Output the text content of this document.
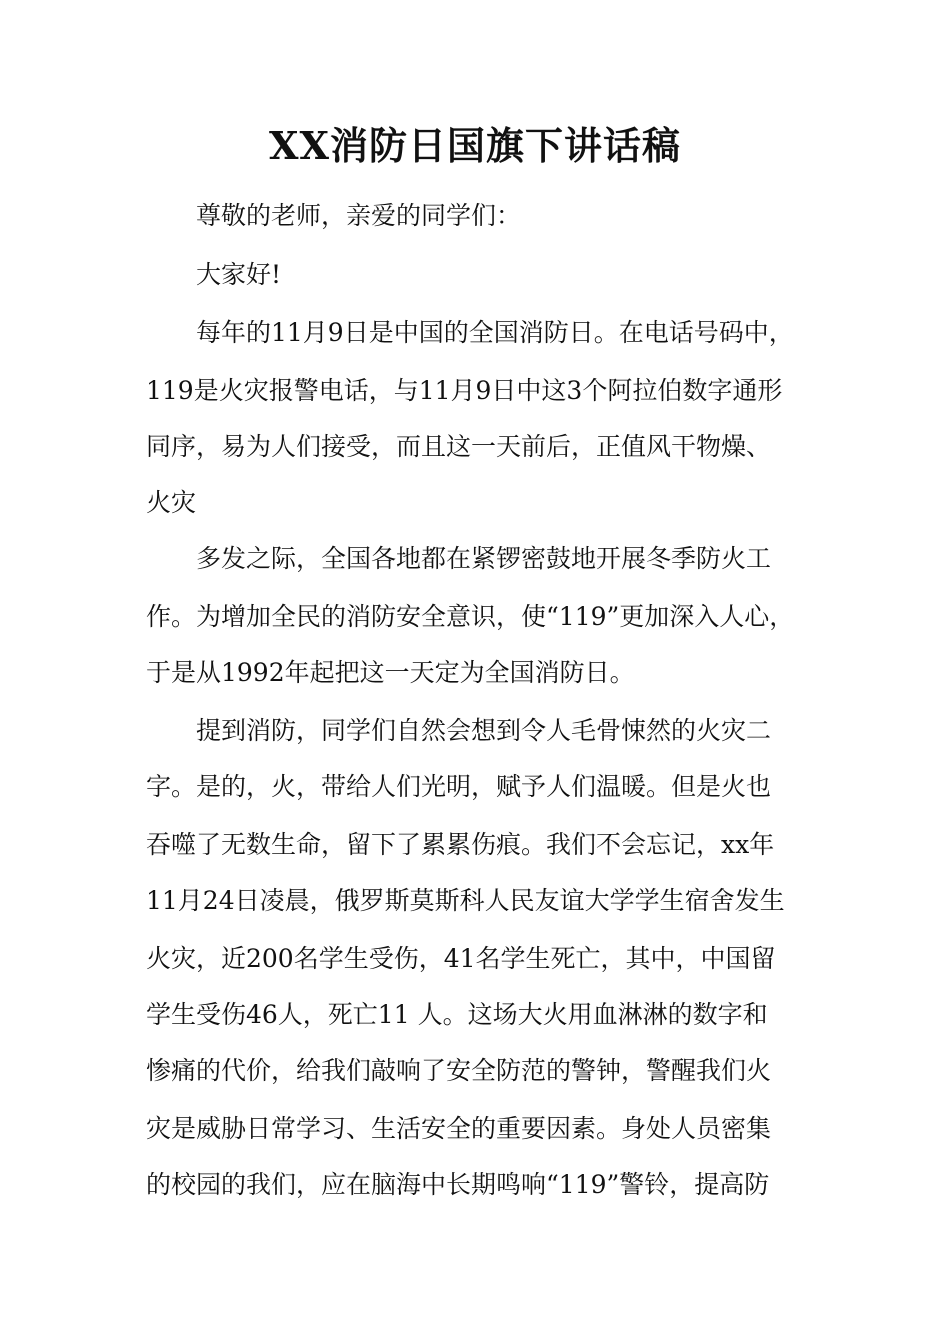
XX消防日国旗下讲话稿

尊敬的老师，亲爱的同学们：

大家好!

每年的11月9日是中国的全国消防日。在电话号码中，

119是火灾报警电话，与11月9日中这3个阿拉伯数字通形

同序，易为人们接受，而且这一天前后，正值风干物燥、

火灾

多发之际，全国各地都在紧锣密鼓地开展冬季防火工

作。为增加全民的消防安全意识，使“119”更加深入人心，

于是从1992年起把这一天定为全国消防日。

提到消防，同学们自然会想到令人毛骨悚然的火灾二

字。是的，火，带给人们光明，赋予人们温暖。但是火也

吞噬了无数生命，留下了累累伤痕。我们不会忘记，xx年

11月24日凌晨，俄罗斯莫斯科人民友谊大学学生宿舍发生

火灾，近200名学生受伤，41名学生死亡，其中，中国留

学生受伤46人，死亡11 人。这场大火用血淋淋的数字和

惨痛的代价，给我们敲响了安全防范的警钟，警醒我们火

灾是威胁日常学习、生活安全的重要因素。身处人员密集

的校园的我们，应在脑海中长期鸣响“119”警铃，提高防
